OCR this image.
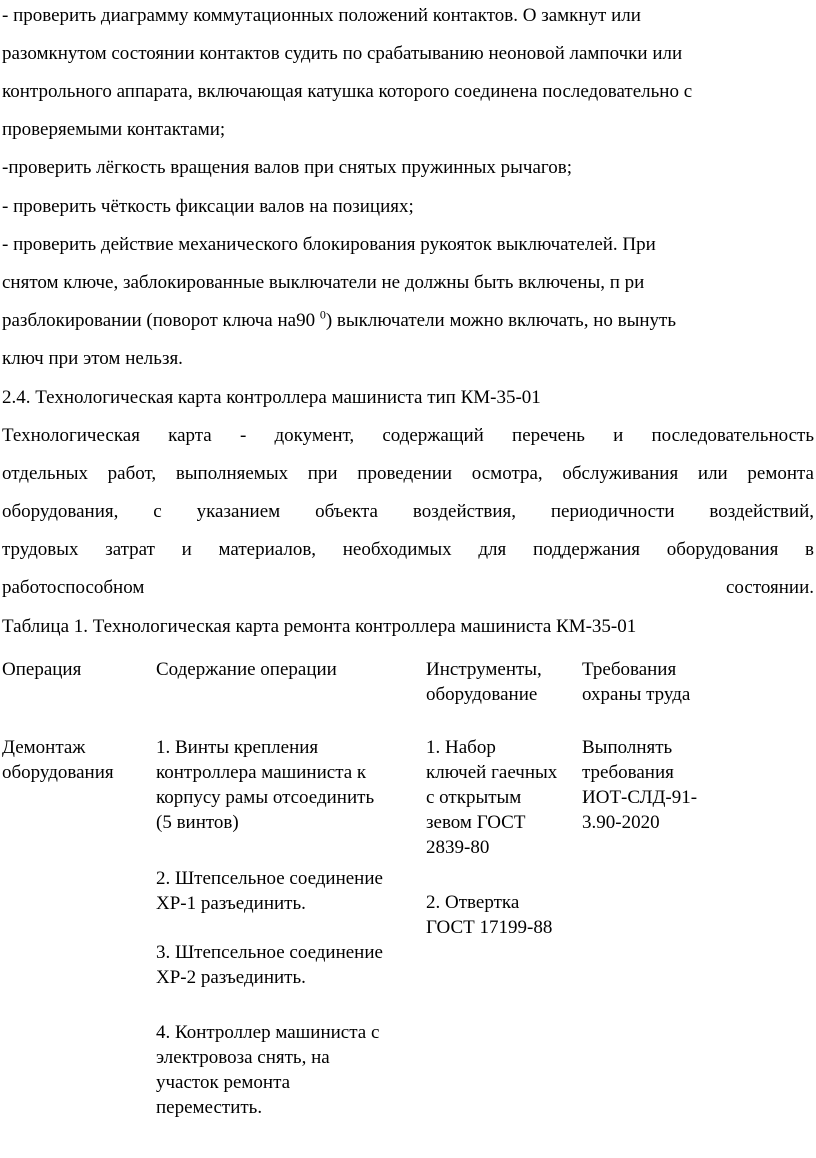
- проверить диаграмму коммутационных положений контактов. О замкнут или
разомкнутом состоянии контактов судить по срабатыванию неоновой лампочки или
контрольного аппарата, включающая катушка которого соединена последовательно с
проверяемыми контактами;
-проверить лёгкость вращения валов при снятых пружинных рычагов;
- проверить чёткость фиксации валов на позициях;
- проверить действие механического блокирования рукояток выключателей. При
снятом ключе, заблокированные выключатели не должны быть включены, п ри
разблокировании (поворот ключа на90 $^0$) выключатели можно включать, но вынуть
ключ при этом нельзя.
2.4. Технологическая карта контроллера машиниста тип КМ-35-01
Технологическая карта - документ, содержащий перечень и последовательность
отдельных работ, выполняемых при проведении осмотра, обслуживания или ремонта
оборудования, с указанием объекта воздействия, периодичности воздействий,
трудовых затрат и материалов, необходимых для поддержания оборудования в
работоспособном состоянии.
Таблица 1. Технологическая карта ремонта контроллера машиниста КМ-35-01
Операция	Содержание операции	Инструменты,
оборудование
Требования
охраны труда
Демонтаж
оборудования
1. Винты крепления
контроллера машиниста к
корпусу рамы отсоединить
(5 винтов)
2. Штепсельное соединение
ХР-1 разъединить.
3. Штепсельное соединение
ХР-2 разъединить.
4. Контроллер машиниста с
электровоза снять, на
участок ремонта
переместить.
1. Набор
ключей гаечных
с открытым
зевом ГОСТ
2839-80
2. Отвертка
ГОСТ 17199-88
Выполнять
требования
ИОТ-СЛД-91-
3.90-2020
